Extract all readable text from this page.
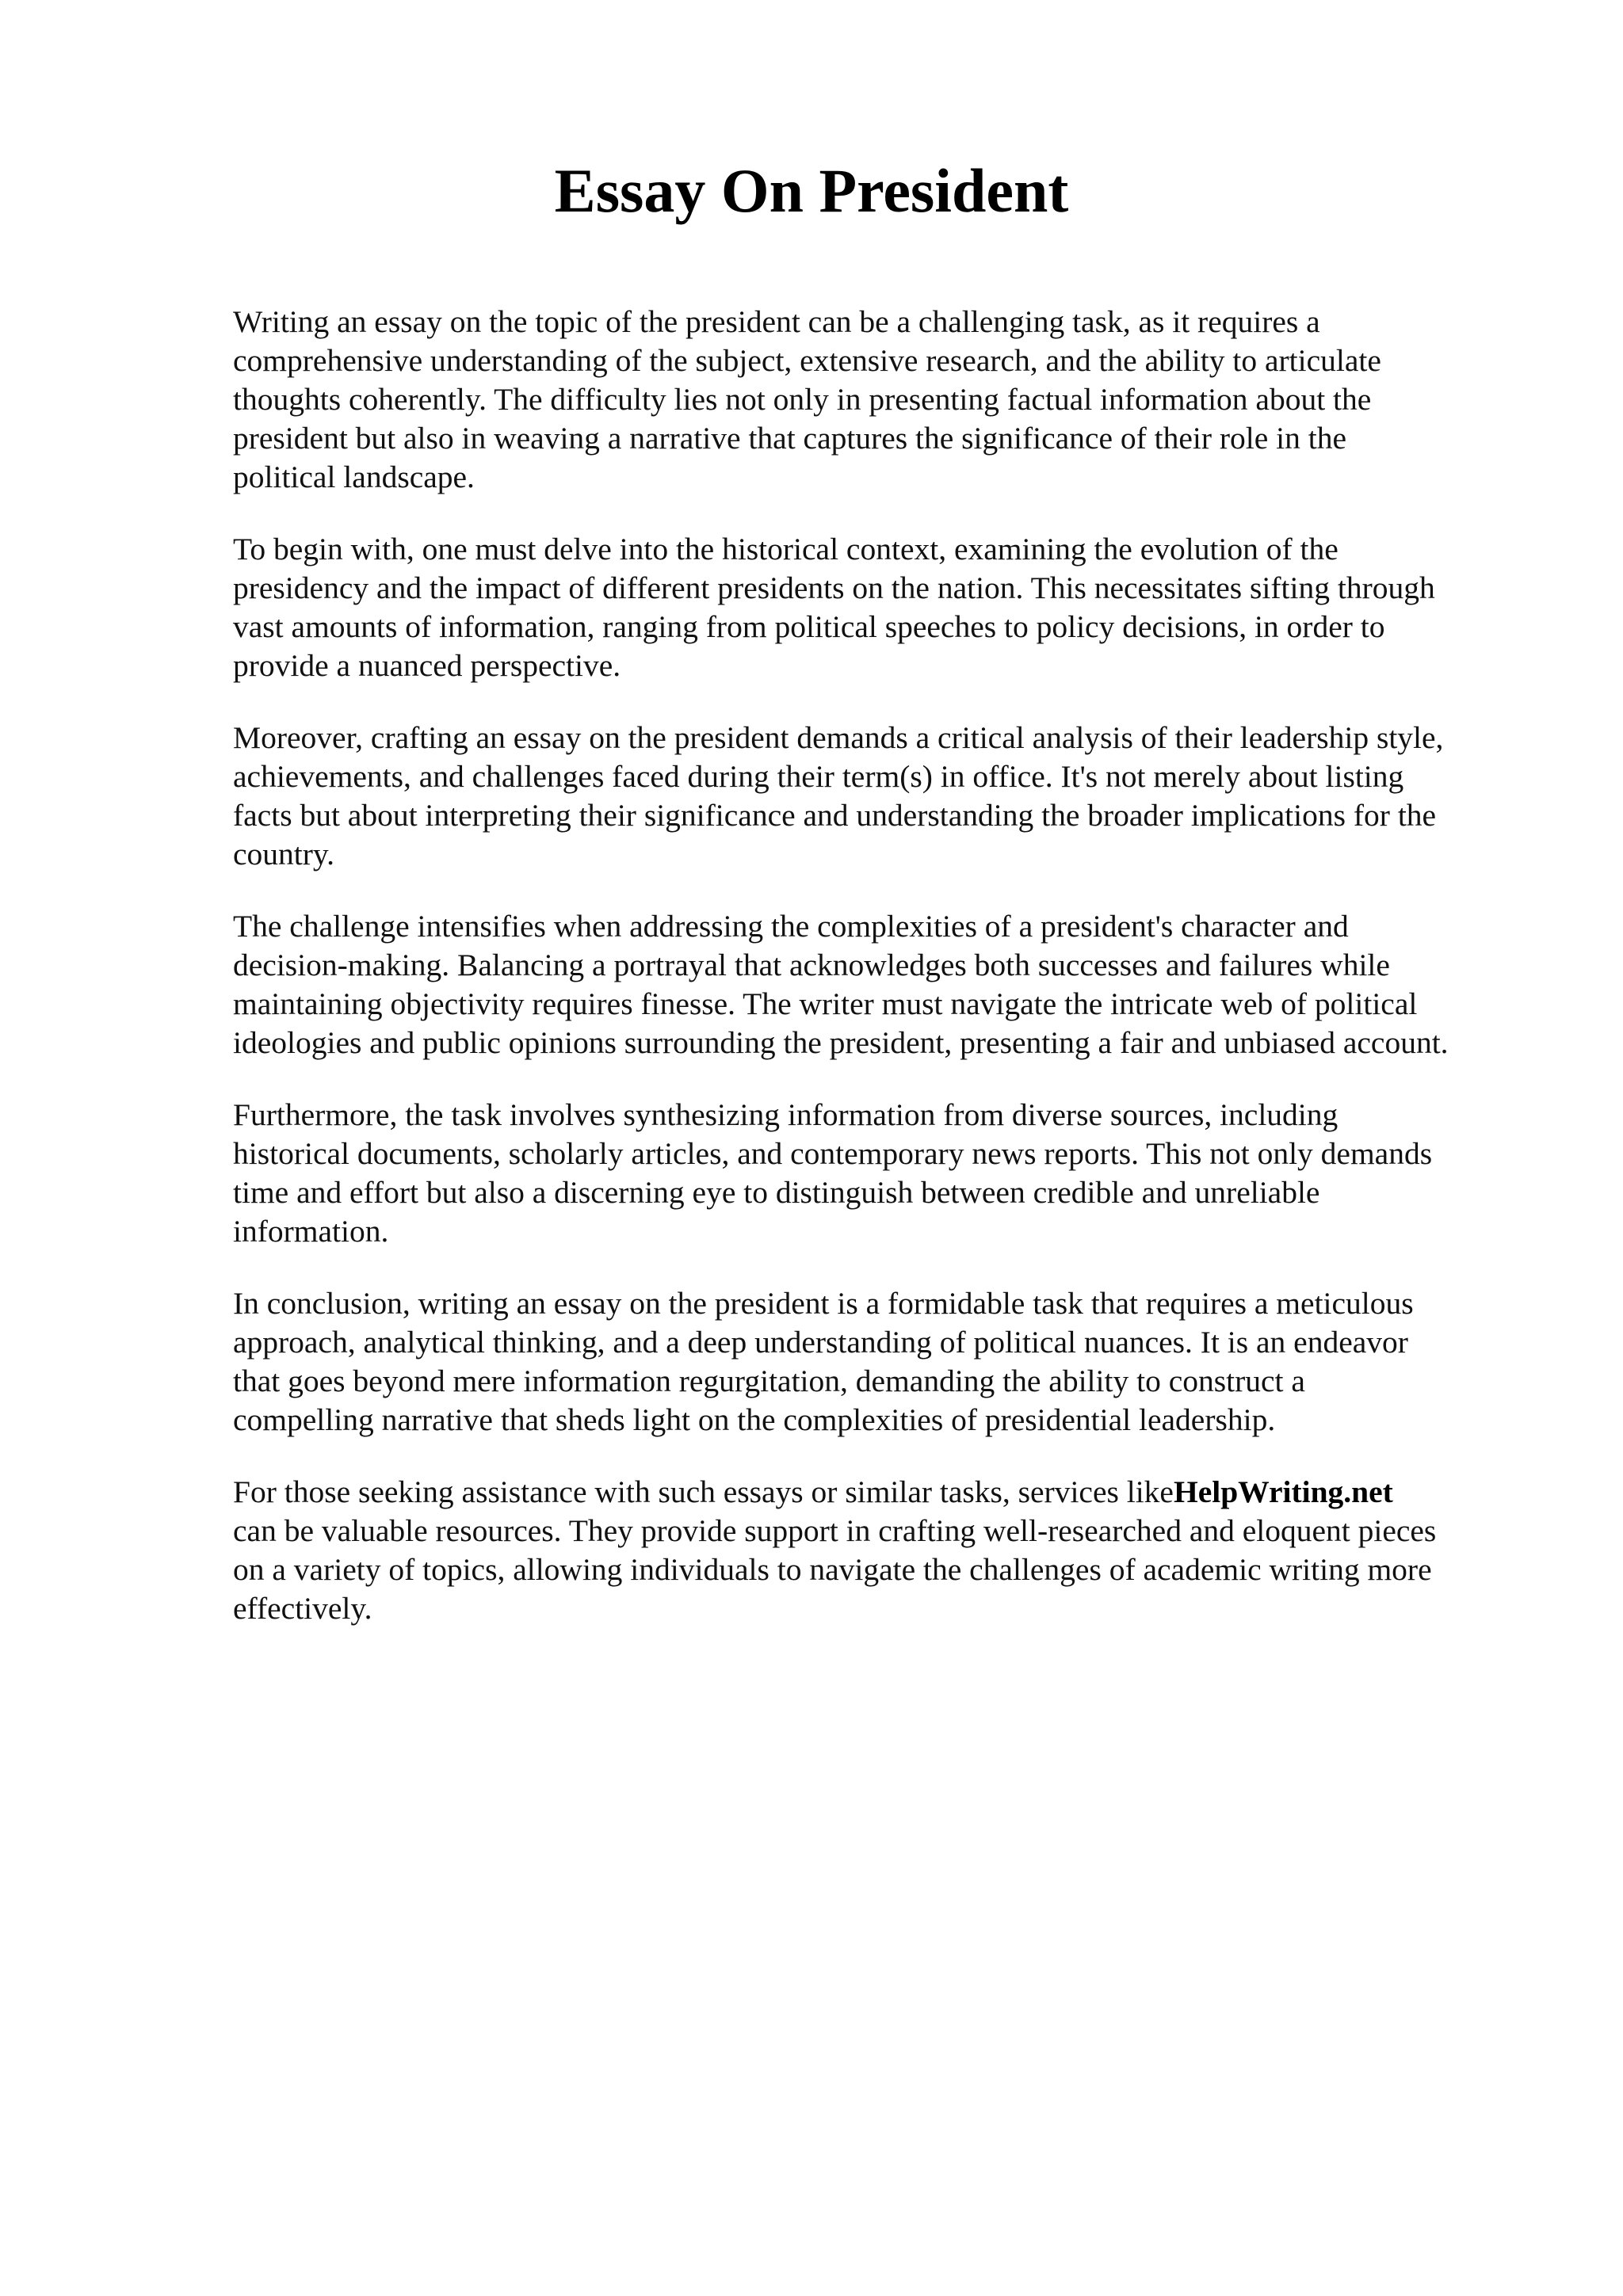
Essay On President

Writing an essay on the topic of the president can be a challenging task, as it requires a
comprehensive understanding of the subject, extensive research, and the ability to articulate
thoughts coherently. The difficulty lies not only in presenting factual information about the
president but also in weaving a narrative that captures the significance of their role in the
political landscape.

To begin with, one must delve into the historical context, examining the evolution of the
presidency and the impact of different presidents on the nation. This necessitates sifting through
vast amounts of information, ranging from political speeches to policy decisions, in order to
provide a nuanced perspective.

Moreover, crafting an essay on the president demands a critical analysis of their leadership style,
achievements, and challenges faced during their term(s) in office. It's not merely about listing
facts but about interpreting their significance and understanding the broader implications for the
country.

The challenge intensifies when addressing the complexities of a president's character and
decision-making. Balancing a portrayal that acknowledges both successes and failures while
maintaining objectivity requires finesse. The writer must navigate the intricate web of political
ideologies and public opinions surrounding the president, presenting a fair and unbiased account.

Furthermore, the task involves synthesizing information from diverse sources, including
historical documents, scholarly articles, and contemporary news reports. This not only demands
time and effort but also a discerning eye to distinguish between credible and unreliable
information.

In conclusion, writing an essay on the president is a formidable task that requires a meticulous
approach, analytical thinking, and a deep understanding of political nuances. It is an endeavor
that goes beyond mere information regurgitation, demanding the ability to construct a
compelling narrative that sheds light on the complexities of presidential leadership.

For those seeking assistance with such essays or similar tasks, services likeHelpWriting.net
can be valuable resources. They provide support in crafting well-researched and eloquent pieces
on a variety of topics, allowing individuals to navigate the challenges of academic writing more
effectively.
